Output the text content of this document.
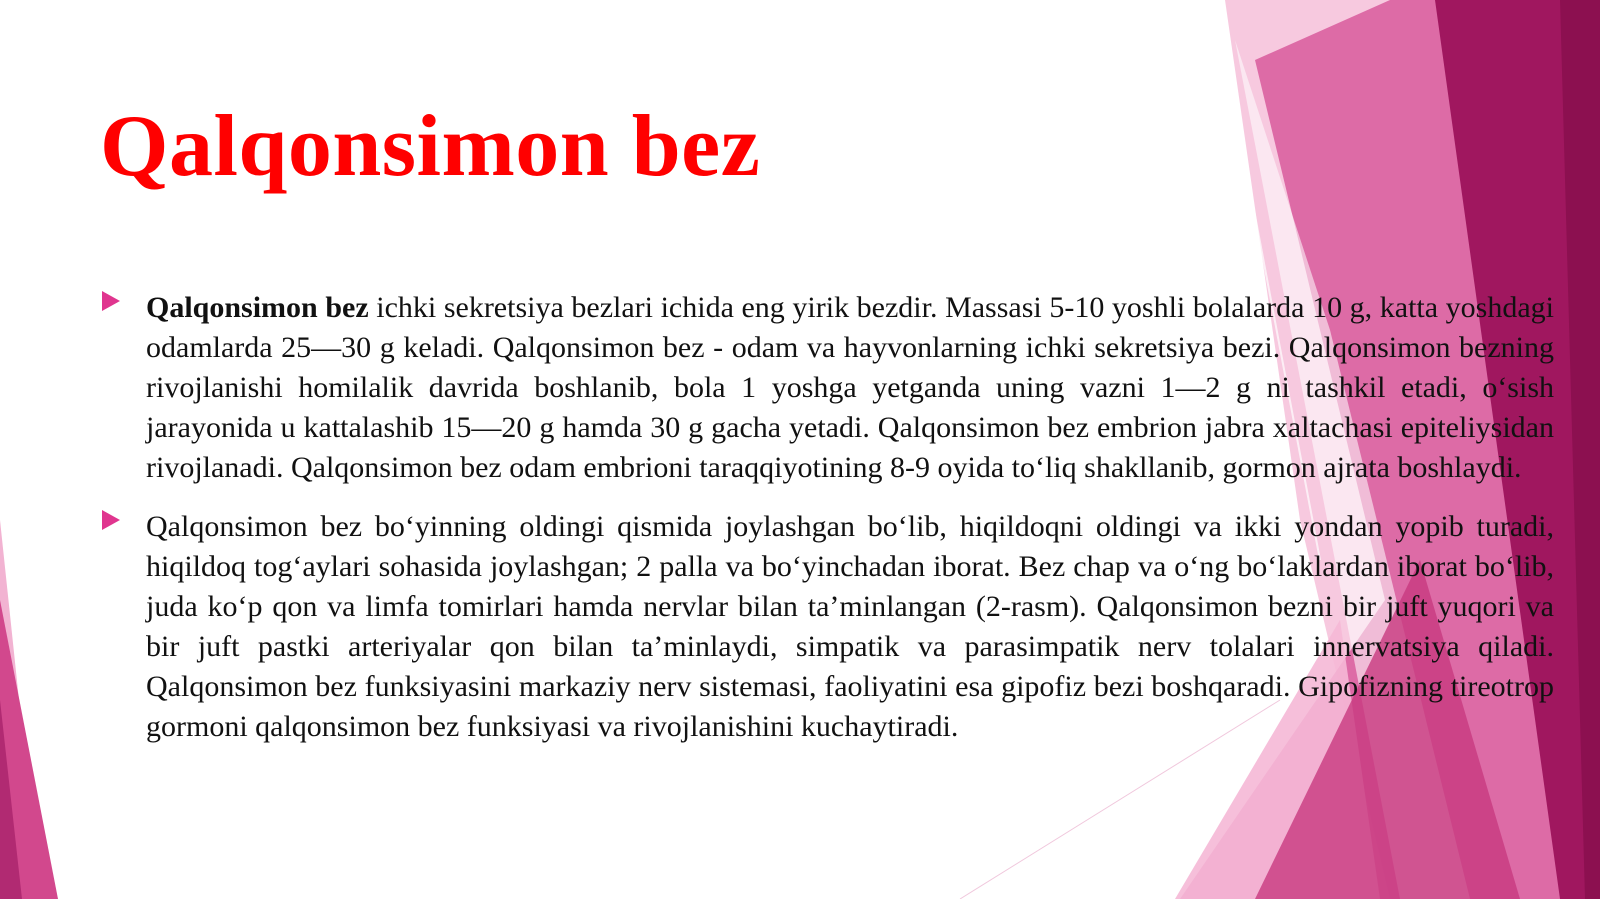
Qalqonsimon bez

Qalqonsimon bez ichki sekretsiya bezlari ichida eng yirik bezdir. Massasi 5-10 yoshli bolalarda 10 g, katta yoshdagi odamlarda 25—30 g keladi. Qalqonsimon bez - odam va hayvonlarning ichki sekretsiya bezi. Qalqonsimon bezning rivojlanishi homilalik davrida boshlanib, bola 1 yoshga yetganda uning vazni 1—2 g ni tashkil etadi, o‘sish jarayonida u kattalashib 15—20 g hamda 30 g gacha yetadi. Qalqonsimon bez embrion jabra xaltachasi epiteliysidan rivojlanadi. Qalqonsimon bez odam embrioni taraqqiyotining 8-9 oyida to‘liq shakllanib, gormon ajrata boshlaydi.

Qalqonsimon bez bo‘yinning oldingi qismida joylashgan bo‘lib, hiqildoqni oldingi va ikki yondan yopib turadi, hiqildoq tog‘aylari sohasida joylashgan; 2 palla va bo‘yinchadan iborat. Bez chap va o‘ng bo‘laklardan iborat bo‘lib, juda ko‘p qon va limfa tomirlari hamda nervlar bilan ta’minlangan (2-rasm). Qalqonsimon bezni bir juft yuqori va bir juft pastki arteriyalar qon bilan ta’minlaydi, simpatik va parasimpatik nerv tolalari innervatsiya qiladi. Qalqonsimon bez funksiyasini markaziy nerv sistemasi, faoliyatini esa gipofiz bezi boshqaradi. Gipofizning tireotrop gormoni qalqonsimon bez funksiyasi va rivojlanishini kuchaytiradi.
